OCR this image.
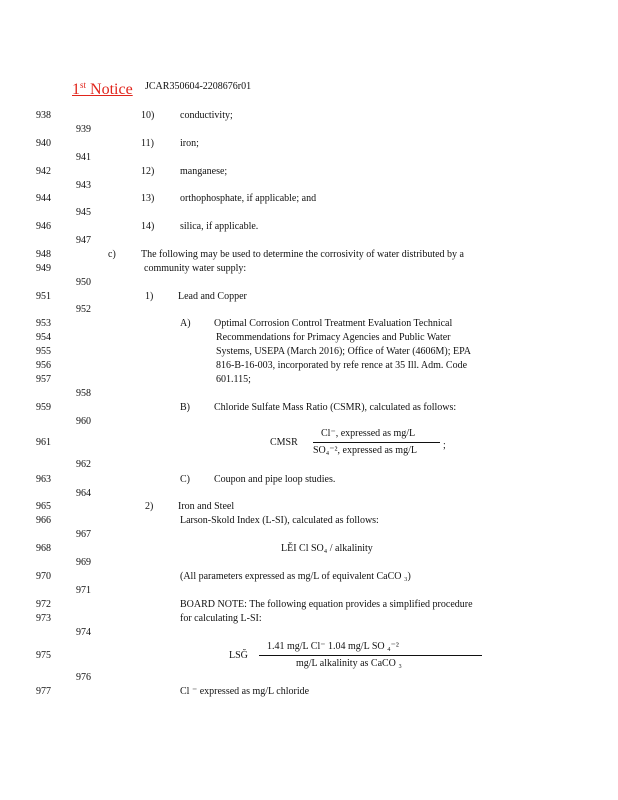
1st Notice JCAR350604-2208676r01
938
939
940
941
942
943
944
945
946
947
948
949
950
951
952
953
954
955
956
957
958
959
960
961
962
963
964
965
966
967
968
969
970
971
972
973
974
975
976
977
10)	conductivity;
11)	iron;
12)	manganese;
13)	orthophosphate, if applicable; and
14)	silica, if applicable.
c)	The following may be used to determine the corrosivity of water distributed by a
community water supply:
1) Lead and Copper
A) Optimal Corrosion Control Treatment Evaluation Technical
Recommendations for Primacy Agencies and Public Water
Systems, USEPA (March 2016); Office of Water (4606M); EPA
816-B-16-003, incorporated by refe rence at 35 Ill. Adm. Code
601.115;
B) Chloride Sulfate Mass Ratio (CSMR), calculated as follows:
CMSR
Cl⁻, expressed as mg/L
SO₄⁻², expressed as mg/L	;
C) Coupon and pipe loop studies.
2) Iron and Steel
Larson-Skold Index (L-SI), calculated as follows:
LĚI Cl SO₄ / alkalinity
(All parameters expressed as mg/L of equivalent CaCO ₃)
BOARD NOTE: The following equation provides a simplified procedure
for calculating L-SI:
LSĞ
1.41 mg/L Cl⁻ 1.04 mg/L SO ₄⁻²
mg/L alkalinity as CaCO ₃
Cl ⁻ expressed as mg/L chloride
